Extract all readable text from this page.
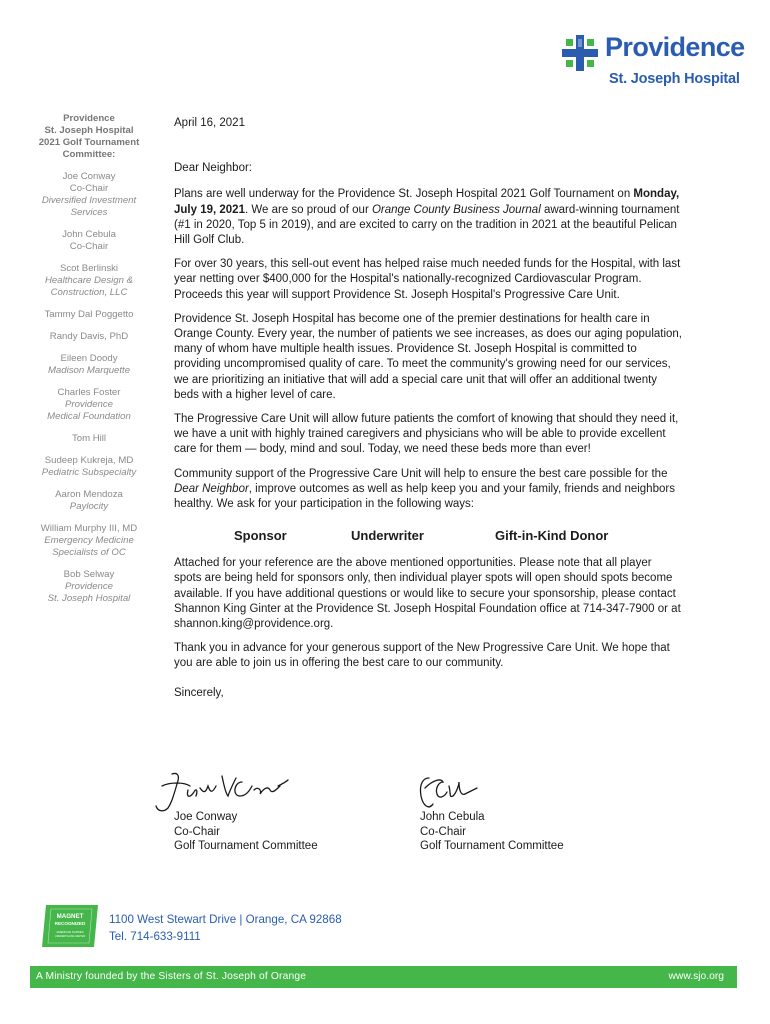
Providence
St. Joseph Hospital
Providence
St. Joseph Hospital
2021 Golf Tournament
Committee:
Joe Conway
Co-Chair
Diversified Investment
Services
John Cebula
Co-Chair
Scot Berlinski
Healthcare Design &
Construction, LLC
Tammy Dal Poggetto
Randy Davis, PhD
Eileen Doody
Madison Marquette
Charles Foster
Providence
Medical Foundation
Tom Hill
Sudeep Kukreja, MD
Pediatric Subspecialty
Aaron Mendoza
Paylocity
William Murphy III, MD
Emergency Medicine
Specialists of OC
Bob Selway
Providence
St. Joseph Hospital

April 16, 2021

Dear Neighbor:

Plans are well underway for the Providence St. Joseph Hospital 2021 Golf Tournament on Monday, July 19, 2021. We are so proud of our Orange County Business Journal award-winning tournament (#1 in 2020, Top 5 in 2019), and are excited to carry on the tradition in 2021 at the beautiful Pelican Hill Golf Club.

For over 30 years, this sell-out event has helped raise much needed funds for the Hospital, with last year netting over $400,000 for the Hospital's nationally-recognized Cardiovascular Program. Proceeds this year will support Providence St. Joseph Hospital's Progressive Care Unit.

Providence St. Joseph Hospital has become one of the premier destinations for health care in Orange County. Every year, the number of patients we see increases, as does our aging population, many of whom have multiple health issues. Providence St. Joseph Hospital is committed to providing uncompromised quality of care. To meet the community's growing need for our services, we are prioritizing an initiative that will add a special care unit that will offer an additional twenty beds with a higher level of care.

The Progressive Care Unit will allow future patients the comfort of knowing that should they need it, we have a unit with highly trained caregivers and physicians who will be able to provide excellent care for them — body, mind and soul. Today, we need these beds more than ever!

Community support of the Progressive Care Unit will help to ensure the best care possible for the Dear Neighbor, improve outcomes as well as help keep you and your family, friends and neighbors healthy. We ask for your participation in the following ways:

Sponsor	Underwriter	Gift-in-Kind Donor

Attached for your reference are the above mentioned opportunities. Please note that all player spots are being held for sponsors only, then individual player spots will open should spots become available. If you have additional questions or would like to secure your sponsorship, please contact Shannon King Ginter at the Providence St. Joseph Hospital Foundation office at 714-347-7900 or at shannon.king@providence.org.

Thank you in advance for your generous support of the New Progressive Care Unit. We hope that you are able to join us in offering the best care to our community.

Sincerely,

Joe Conway
Co-Chair
Golf Tournament Committee
John Cebula
Co-Chair
Golf Tournament Committee
MAGNET
RECOGNIZED
AMERICAN NURSES
CREDENTIALING CENTER
1100 West Stewart Drive | Orange, CA 92868
Tel. 714-633-9111
A Ministry founded by the Sisters of St. Joseph of Orange	www.sjo.org
